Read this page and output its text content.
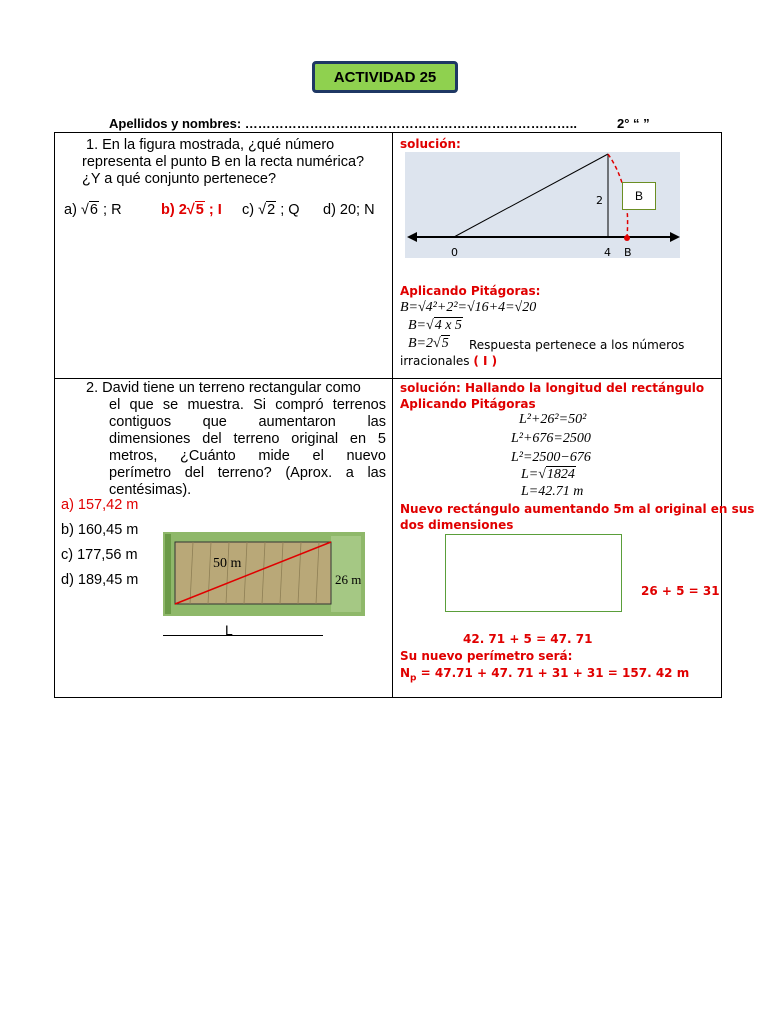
ACTIVIDAD 25
Apellidos y nombres: …………………………………………………………………..	2° “ ”
1. En la figura mostrada, ¿qué número
representa el punto B en la recta numérica?
¿Y a qué conjunto pertenece?
a) √6 ; R	b) 2√5 ; I c) √2 ; Q d) 20; N
solución:
0	4
2
B
B
Aplicando Pitágoras:
B=√4²+2²=√16+4=√20
B=√4 x 5
B=2√5 Respuesta pertenece a los números
irracionales ( I )
2. David tiene un terreno rectangular como
el que se muestra. Si compró terrenos
contiguos que aumentaron las
dimensiones del terreno original en 5
metros, ¿Cuánto mide el nuevo
perímetro del terreno? (Aprox. a las
centésimas).
a) 157,42 m
b) 160,45 m
c) 177,56 m
d) 189,45 m
50 m
26 m
L
solución: Hallando la longitud del rectángulo
Aplicando Pitágoras
L²+26²=50²
L²+676=2500
L²=2500−676
L=√1824
L=42.71 m
Nuevo rectángulo aumentando 5m al original en sus
dos dimensiones
26 + 5 = 31
42. 71 + 5 = 47. 71
Su nuevo perímetro será:
$N_p = 47.71 + 47$. 71 + 31 + 31 = 157. 42 m
